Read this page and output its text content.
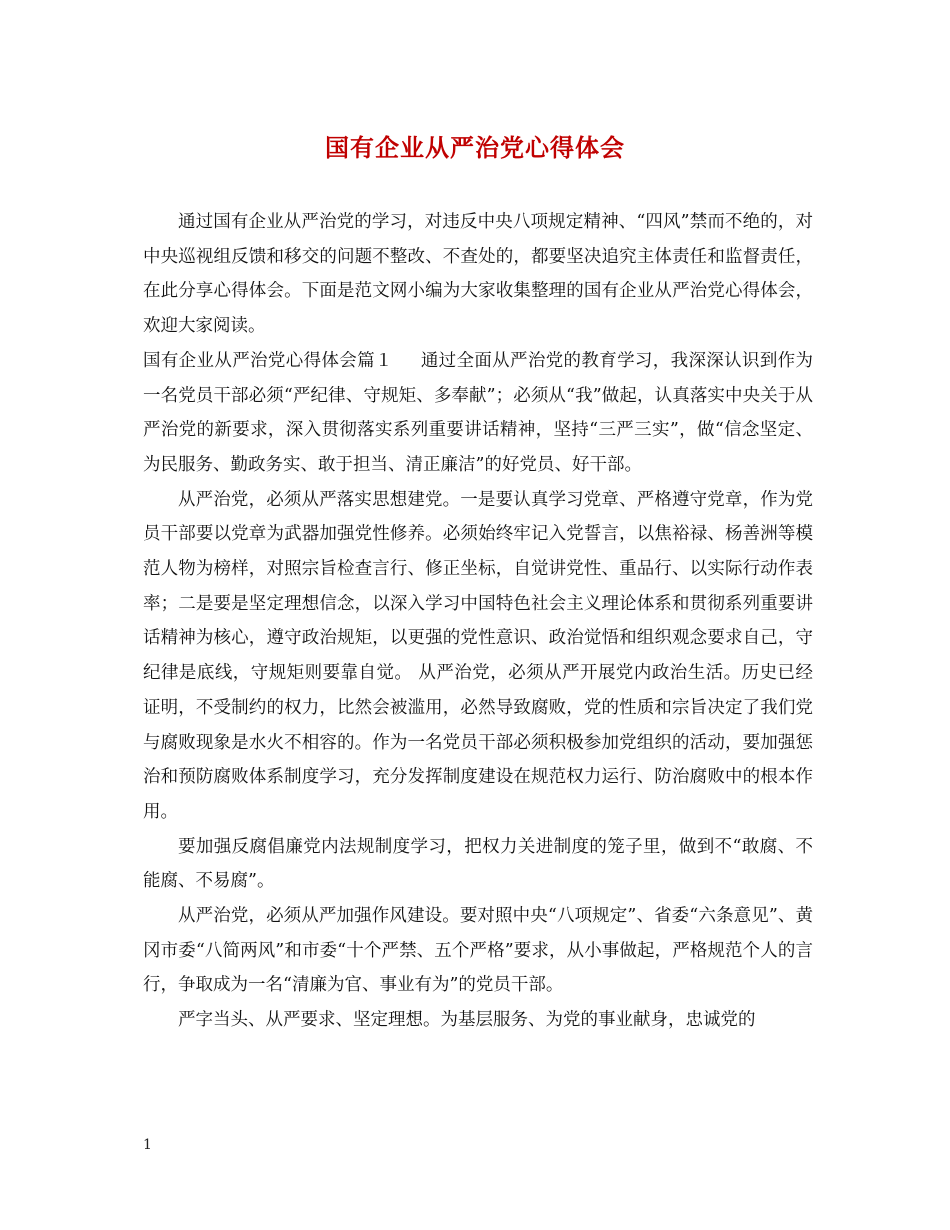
国有企业从严治党心得体会

通过国有企业从严治党的学习，对违反中央八项规定精神、“四风”禁而不绝的，对中央巡视组反馈和移交的问题不整改、不查处的，都要坚决追究主体责任和监督责任，在此分享心得体会。下面是范文网小编为大家收集整理的国有企业从严治党心得体会，欢迎大家阅读。

国有企业从严治党心得体会篇１ 通过全面从严治党的教育学习，我深深认识到作为一名党员干部必须“严纪律、守规矩、多奉献”；必须从“我”做起，认真落实中央关于从严治党的新要求，深入贯彻落实系列重要讲话精神，坚持“三严三实”，做“信念坚定、为民服务、勤政务实、敢于担当、清正廉洁”的好党员、好干部。

从严治党，必须从严落实思想建党。一是要认真学习党章、严格遵守党章，作为党员干部要以党章为武器加强党性修养。必须始终牢记入党誓言，以焦裕禄、杨善洲等模范人物为榜样，对照宗旨检查言行、修正坐标，自觉讲党性、重品行、以实际行动作表率；二是要是坚定理想信念，以深入学习中国特色社会主义理论体系和贯彻系列重要讲话精神为核心，遵守政治规矩，以更强的党性意识、政治觉悟和组织观念要求自己，守纪律是底线，守规矩则要靠自觉。 从严治党，必须从严开展党内政治生活。历史已经证明，不受制约的权力，比然会被滥用，必然导致腐败，党的性质和宗旨决定了我们党与腐败现象是水火不相容的。作为一名党员干部必须积极参加党组织的活动，要加强惩治和预防腐败体系制度学习，充分发挥制度建设在规范权力运行、防治腐败中的根本作用。

要加强反腐倡廉党内法规制度学习，把权力关进制度的笼子里，做到不“敢腐、不能腐、不易腐”。

从严治党，必须从严加强作风建设。要对照中央“八项规定”、省委“六条意见”、黄冈市委“八简两风”和市委“十个严禁、五个严格”要求，从小事做起，严格规范个人的言行，争取成为一名“清廉为官、事业有为”的党员干部。

严字当头、从严要求、坚定理想。为基层服务、为党的事业献身，忠诚党的

1
